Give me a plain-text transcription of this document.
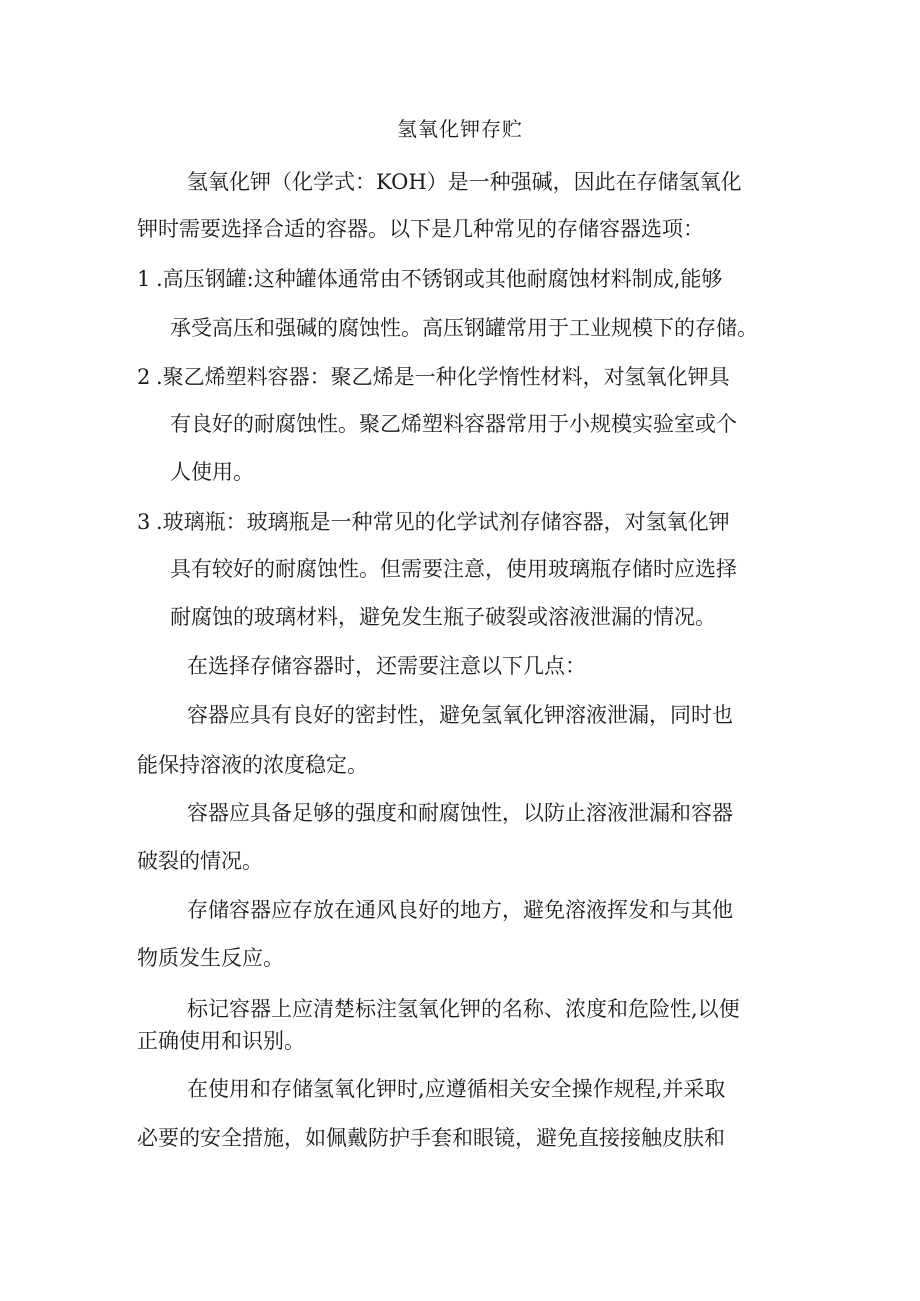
氢氧化钾存贮
氢氧化钾（化学式：KOH）是一种强碱，因此在存储氢氧化
钾时需要选择合适的容器。以下是几种常见的存储容器选项：
1 .高压钢罐:这种罐体通常由不锈钢或其他耐腐蚀材料制成,能够
承受高压和强碱的腐蚀性。高压钢罐常用于工业规模下的存储。
2 .聚乙烯塑料容器：聚乙烯是一种化学惰性材料，对氢氧化钾具
有良好的耐腐蚀性。聚乙烯塑料容器常用于小规模实验室或个
人使用。
3 .玻璃瓶：玻璃瓶是一种常见的化学试剂存储容器，对氢氧化钾
具有较好的耐腐蚀性。但需要注意，使用玻璃瓶存储时应选择
耐腐蚀的玻璃材料，避免发生瓶子破裂或溶液泄漏的情况。
在选择存储容器时，还需要注意以下几点：
容器应具有良好的密封性，避免氢氧化钾溶液泄漏，同时也
能保持溶液的浓度稳定。
容器应具备足够的强度和耐腐蚀性，以防止溶液泄漏和容器
破裂的情况。
存储容器应存放在通风良好的地方，避免溶液挥发和与其他
物质发生反应。
标记容器上应清楚标注氢氧化钾的名称、浓度和危险性,以便
正确使用和识别。
在使用和存储氢氧化钾时,应遵循相关安全操作规程,并采取
必要的安全措施，如佩戴防护手套和眼镜，避免直接接触皮肤和
